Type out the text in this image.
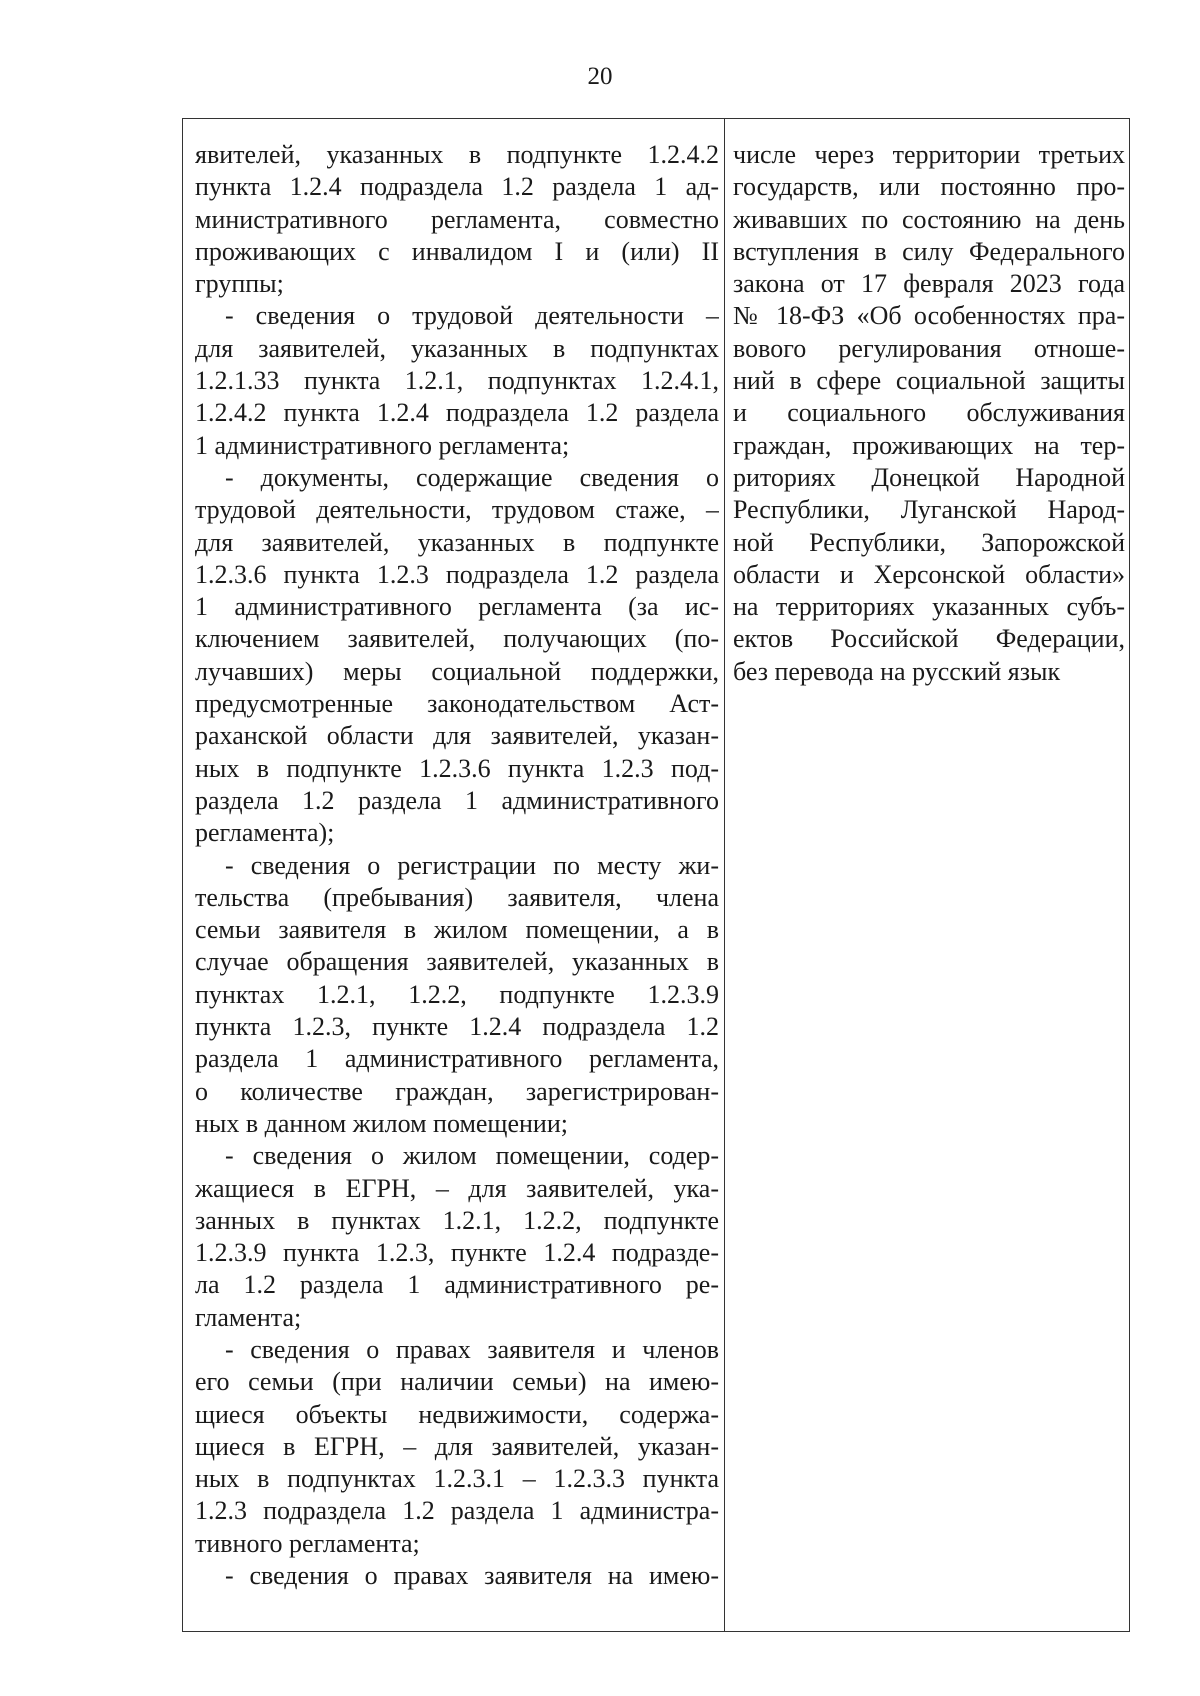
20
явителей, указанных в подпункте 1.2.4.2
пункта 1.2.4 подраздела 1.2 раздела 1 ад-
министративного регламента, совместно
проживающих с инвалидом I и (или) II
группы;
- сведения о трудовой деятельности –
для заявителей, указанных в подпунктах
1.2.1.33 пункта 1.2.1, подпунктах 1.2.4.1,
1.2.4.2 пункта 1.2.4 подраздела 1.2 раздела
1 административного регламента;
- документы, содержащие сведения о
трудовой деятельности, трудовом стаже, –
для заявителей, указанных в подпункте
1.2.3.6 пункта 1.2.3 подраздела 1.2 раздела
1 административного регламента (за ис-
ключением заявителей, получающих (по-
лучавших) меры социальной поддержки,
предусмотренные законодательством Аст-
раханской области для заявителей, указан-
ных в подпункте 1.2.3.6 пункта 1.2.3 под-
раздела 1.2 раздела 1 административного
регламента);
- сведения о регистрации по месту жи-
тельства (пребывания) заявителя, члена
семьи заявителя в жилом помещении, а в
случае обращения заявителей, указанных в
пунктах 1.2.1, 1.2.2, подпункте 1.2.3.9
пункта 1.2.3, пункте 1.2.4 подраздела 1.2
раздела 1 административного регламента,
о количестве граждан, зарегистрирован-
ных в данном жилом помещении;
- сведения о жилом помещении, содер-
жащиеся в ЕГРН, – для заявителей, ука-
занных в пунктах 1.2.1, 1.2.2, подпункте
1.2.3.9 пункта 1.2.3, пункте 1.2.4 подразде-
ла 1.2 раздела 1 административного ре-
гламента;
- сведения о правах заявителя и членов
его семьи (при наличии семьи) на имею-
щиеся объекты недвижимости, содержа-
щиеся в ЕГРН, – для заявителей, указан-
ных в подпунктах 1.2.3.1 – 1.2.3.3 пункта
1.2.3 подраздела 1.2 раздела 1 администра-
тивного регламента;
- сведения о правах заявителя на имею-
числе через территории третьих
государств, или постоянно про-
живавших по состоянию на день
вступления в силу Федерального
закона от 17 февраля 2023 года
№ 18-ФЗ «Об особенностях пра-
вового регулирования отноше-
ний в сфере социальной защиты
и социального обслуживания
граждан, проживающих на тер-
риториях Донецкой Народной
Республики, Луганской Народ-
ной Республики, Запорожской
области и Херсонской области»
на территориях указанных субъ-
ектов Российской Федерации,
без перевода на русский язык
